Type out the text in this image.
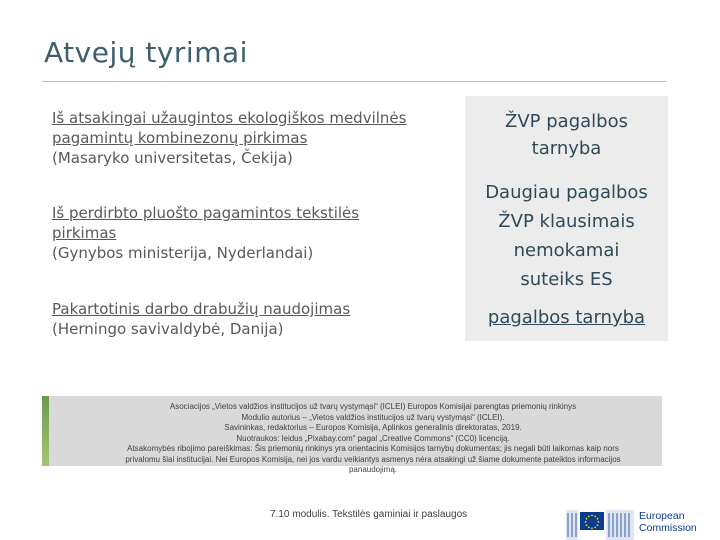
Atvejų tyrimai
Iš atsakingai užaugintos ekologiškos medvilnės
pagamintų kombinezonų pirkimas
(Masaryko universitetas, Čekija)
Iš perdirbto pluošto pagamintos tekstilės
pirkimas
(Gynybos ministerija, Nyderlandai)
Pakartotinis darbo drabužių naudojimas
(Herningo savivaldybė, Danija)
ŽVP pagalbos
tarnyba
Daugiau pagalbos
ŽVP klausimais
nemokamai
suteiks ES
pagalbos tarnyba
Asociacijos „Vietos valdžios institucijos už tvarų vystymąsi“ (ICLEI) Europos Komisijai parengtas priemonių rinkinys
Modulio autorius – „Vietos valdžios institucijos už tvarų vystymąsi“ (ICLEI).
Savininkas, redaktorius – Europos Komisija, Aplinkos generalinis direktoratas, 2019.
Nuotraukos: leidus „Pixabay.com“ pagal „Creative Commons“ (CC0) licenciją.
Atsakomybės ribojimo pareiškimas: Šis priemonių rinkinys yra orientacinis Komisijos tarnybų dokumentas; jis negali būti laikomas kaip nors
privalomu šiai institucijai. Nei Europos Komisija, nei jos vardu veikiantys asmenys nėra atsakingi už šiame dokumente pateiktos informacijos
panaudojimą.
7.10 modulis. Tekstilės gaminiai ir paslaugos	European
Commission
